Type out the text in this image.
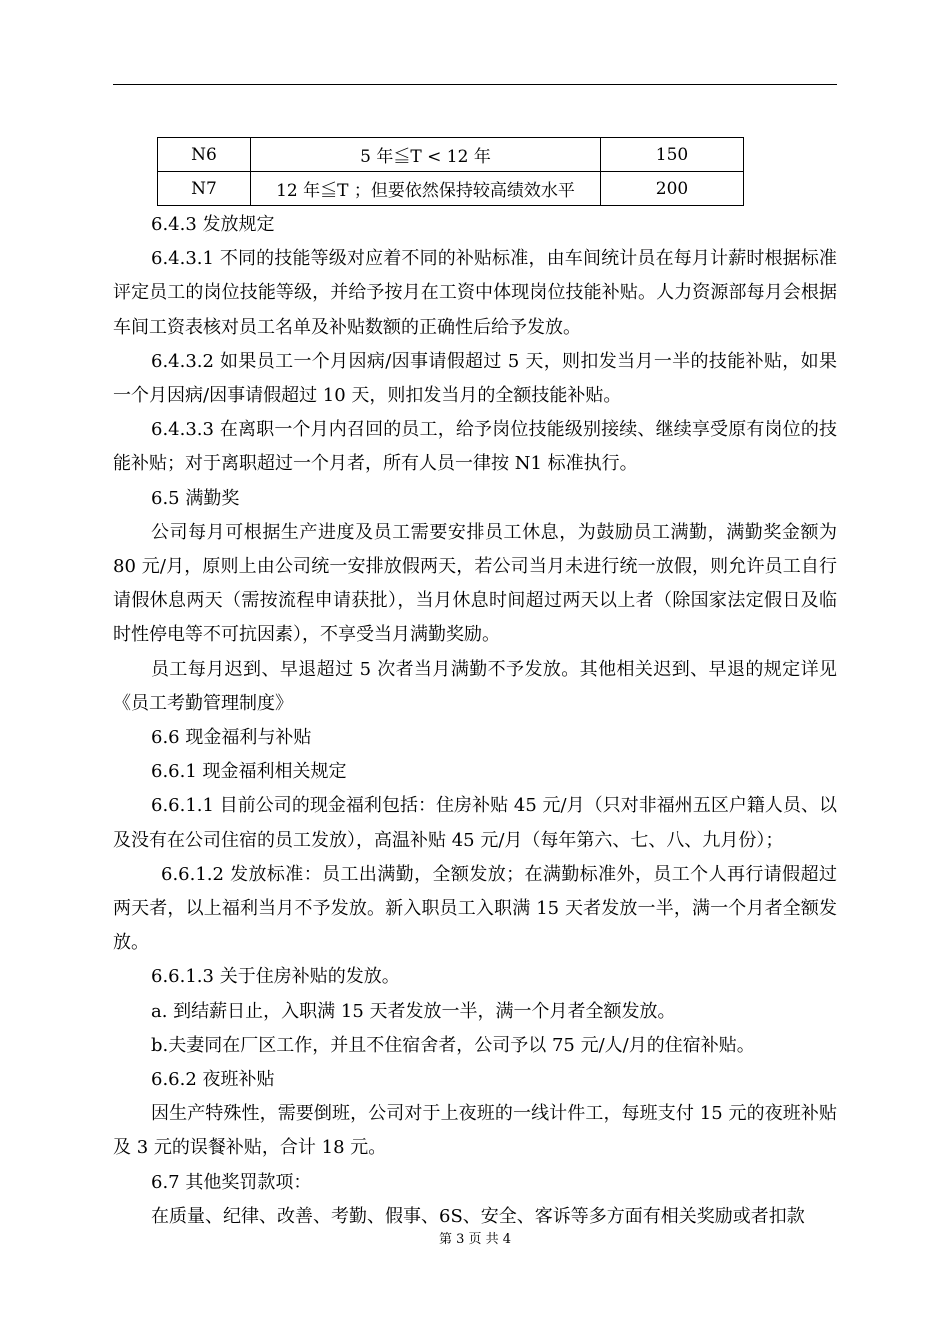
N6	5 年≦T < 12 年	150
N7	12 年≦T ；但要依然保持较高绩效水平	200

6.4.3 发放规定

6.4.3.1 不同的技能等级对应着不同的补贴标准，由车间统计员在每月计薪时根据标准评定员工的岗位技能等级，并给予按月在工资中体现岗位技能补贴。人力资源部每月会根据车间工资表核对员工名单及补贴数额的正确性后给予发放。

6.4.3.2 如果员工一个月因病/因事请假超过 5 天，则扣发当月一半的技能补贴，如果一个月因病/因事请假超过 10 天，则扣发当月的全额技能补贴。

6.4.3.3 在离职一个月内召回的员工，给予岗位技能级别接续、继续享受原有岗位的技能补贴；对于离职超过一个月者，所有人员一律按 N1 标准执行。

6.5 满勤奖

公司每月可根据生产进度及员工需要安排员工休息，为鼓励员工满勤，满勤奖金额为 80 元/月，原则上由公司统一安排放假两天，若公司当月未进行统一放假，则允许员工自行请假休息两天（需按流程申请获批），当月休息时间超过两天以上者（除国家法定假日及临时性停电等不可抗因素），不享受当月满勤奖励。

员工每月迟到、早退超过 5 次者当月满勤不予发放。其他相关迟到、早退的规定详见《员工考勤管理制度》

6.6 现金福利与补贴

6.6.1 现金福利相关规定

6.6.1.1 目前公司的现金福利包括：住房补贴 45 元/月（只对非福州五区户籍人员、以及没有在公司住宿的员工发放），高温补贴 45 元/月（每年第六、七、八、九月份）；

6.6.1.2 发放标准：员工出满勤，全额发放；在满勤标准外，员工个人再行请假超过两天者，以上福利当月不予发放。新入职员工入职满 15 天者发放一半，满一个月者全额发放。

6.6.1.3 关于住房补贴的发放。

a. 到结薪日止，入职满 15 天者发放一半，满一个月者全额发放。

b.夫妻同在厂区工作，并且不住宿舍者，公司予以 75 元/人/月的住宿补贴。

6.6.2 夜班补贴

因生产特殊性，需要倒班，公司对于上夜班的一线计件工，每班支付 15 元的夜班补贴及 3 元的误餐补贴，合计 18 元。

6.7 其他奖罚款项：

在质量、纪律、改善、考勤、假事、6S、安全、客诉等多方面有相关奖励或者扣款

第 3 页 共 4
